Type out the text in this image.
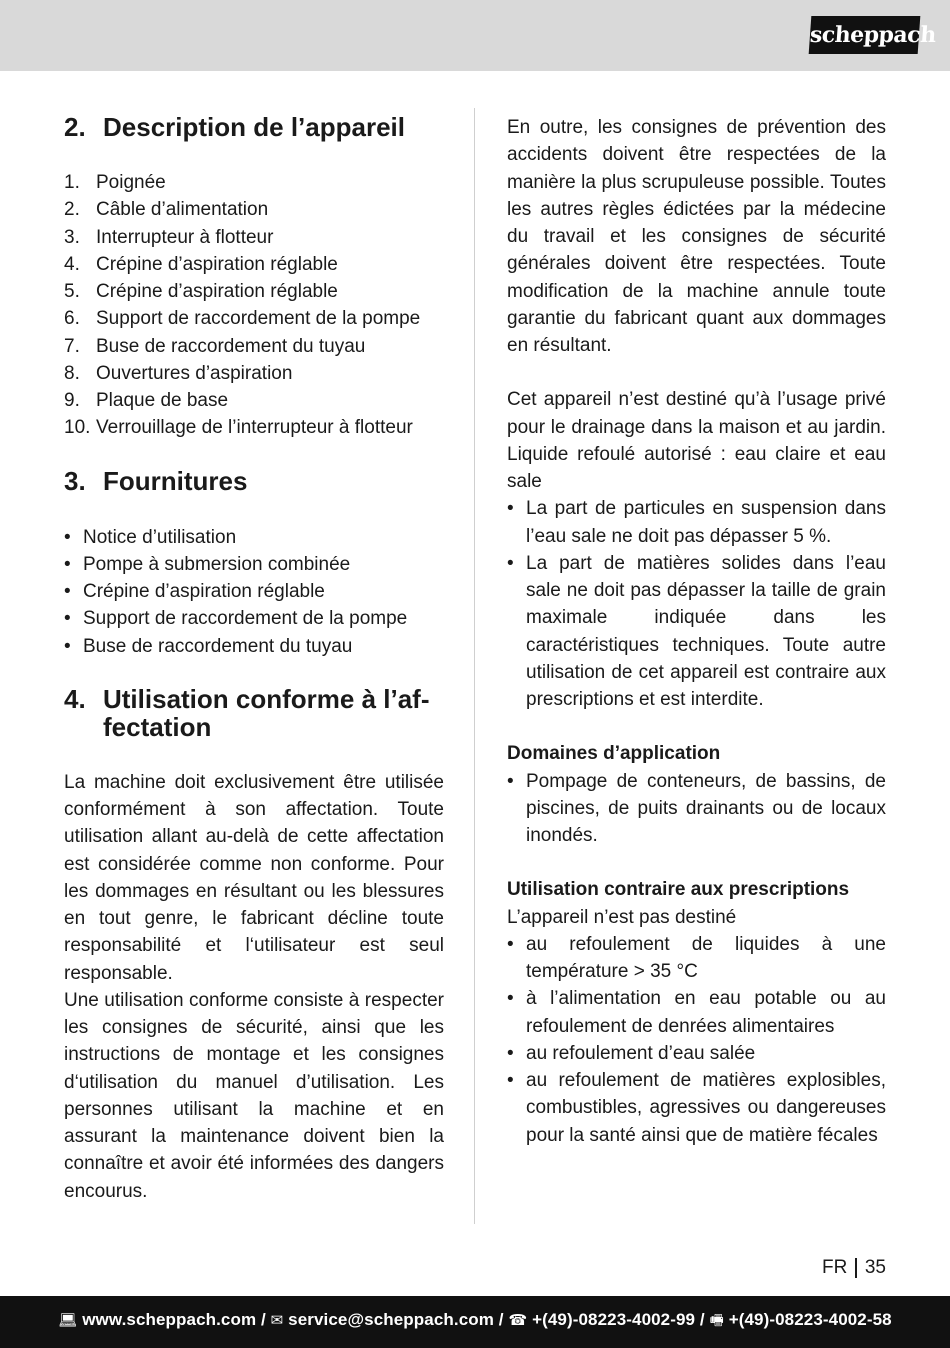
scheppach
2. Description de l’appareil
1. Poignée
2. Câble d’alimentation
3. Interrupteur à flotteur
4. Crépine d’aspiration réglable
5. Crépine d’aspiration réglable
6. Support de raccordement de la pompe
7. Buse de raccordement du tuyau
8. Ouvertures d’aspiration
9. Plaque de base
10. Verrouillage de l’interrupteur à flotteur
3. Fournitures
• Notice d’utilisation
• Pompe à submersion combinée
• Crépine d’aspiration réglable
• Support de raccordement de la pompe
• Buse de raccordement du tuyau
4. Utilisation conforme à l’af-
fectation

La machine doit exclusivement être utilisée conformément à son affectation. Toute utilisation allant au-delà de cette affectation est considérée comme non conforme. Pour les dommages en résultant ou les blessures en tout genre, le fabricant décline toute responsabilité et l‘utilisateur est seul responsable.

Une utilisation conforme consiste à respecter les consignes de sécurité, ainsi que les instructions de montage et les consignes d‘utilisation du manuel d’utilisation. Les personnes utilisant la machine et en assurant la maintenance doivent bien la connaître et avoir été informées des dangers encourus.

En outre, les consignes de prévention des accidents doivent être respectées de la manière la plus scrupuleuse possible. Toutes les autres règles édictées par la médecine du travail et les consignes de sécurité générales doivent être respectées. Toute modification de la machine annule toute garantie du fabricant quant aux dommages en résultant.

Cet appareil n’est destiné qu’à l’usage privé pour le drainage dans la maison et au jardin. Liquide refoulé autorisé : eau claire et eau sale

• La part de particules en suspension dans l’eau sale ne doit pas dépasser 5 %.
• La part de matières solides dans l’eau sale ne doit pas dépasser la taille de grain maximale indiquée dans les caractéristiques techniques. Toute autre utilisation de cet appareil est contraire aux prescriptions et est interdite.

Domaines d’application

• Pompage de conteneurs, de bassins, de piscines, de puits drainants ou de locaux inondés.

Utilisation contraire aux prescriptions

L’appareil n’est pas destiné

• au refoulement de liquides à une température > 35 °C
• à l’alimentation en eau potable ou au refoulement de denrées alimentaires
• au refoulement d’eau salée
• au refoulement de matières explosibles, combustibles, agressives ou dangereuses pour la santé ainsi que de matière fécales
FR 35
💻︎ www.scheppach.com / ✉︎ service@scheppach.com / ☎︎ +(49)-08223-4002-99 / 🖷︎ +(49)-08223-4002-58
